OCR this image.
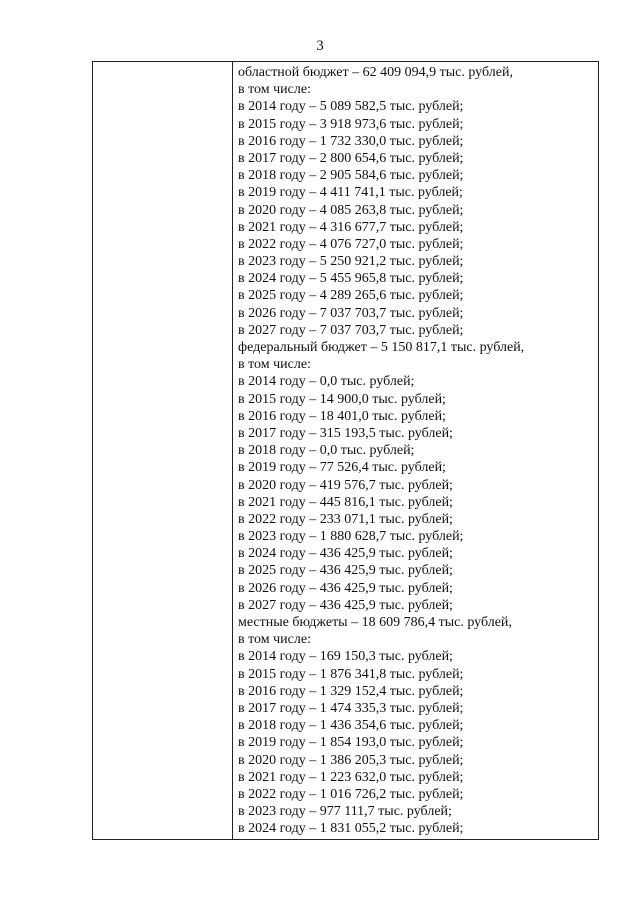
3
областной бюджет – 62 409 094,9 тыс. рублей,
в том числе:
в 2014 году – 5 089 582,5 тыс. рублей;
в 2015 году – 3 918 973,6 тыс. рублей;
в 2016 году – 1 732 330,0 тыс. рублей;
в 2017 году – 2 800 654,6 тыс. рублей;
в 2018 году – 2 905 584,6 тыс. рублей;
в 2019 году – 4 411 741,1 тыс. рублей;
в 2020 году – 4 085 263,8 тыс. рублей;
в 2021 году – 4 316 677,7 тыс. рублей;
в 2022 году – 4 076 727,0 тыс. рублей;
в 2023 году – 5 250 921,2 тыс. рублей;
в 2024 году – 5 455 965,8 тыс. рублей;
в 2025 году – 4 289 265,6 тыс. рублей;
в 2026 году – 7 037 703,7 тыс. рублей;
в 2027 году – 7 037 703,7 тыс. рублей;
федеральный бюджет – 5 150 817,1 тыс. рублей,
в том числе:
в 2014 году – 0,0 тыс. рублей;
в 2015 году – 14 900,0 тыс. рублей;
в 2016 году – 18 401,0 тыс. рублей;
в 2017 году – 315 193,5 тыс. рублей;
в 2018 году – 0,0 тыс. рублей;
в 2019 году – 77 526,4 тыс. рублей;
в 2020 году – 419 576,7 тыс. рублей;
в 2021 году – 445 816,1 тыс. рублей;
в 2022 году – 233 071,1 тыс. рублей;
в 2023 году – 1 880 628,7 тыс. рублей;
в 2024 году – 436 425,9 тыс. рублей;
в 2025 году – 436 425,9 тыс. рублей;
в 2026 году – 436 425,9 тыс. рублей;
в 2027 году – 436 425,9 тыс. рублей;
местные бюджеты – 18 609 786,4 тыс. рублей,
в том числе:
в 2014 году – 169 150,3 тыс. рублей;
в 2015 году – 1 876 341,8 тыс. рублей;
в 2016 году – 1 329 152,4 тыс. рублей;
в 2017 году – 1 474 335,3 тыс. рублей;
в 2018 году – 1 436 354,6 тыс. рублей;
в 2019 году – 1 854 193,0 тыс. рублей;
в 2020 году – 1 386 205,3 тыс. рублей;
в 2021 году – 1 223 632,0 тыс. рублей;
в 2022 году – 1 016 726,2 тыс. рублей;
в 2023 году – 977 111,7 тыс. рублей;
в 2024 году – 1 831 055,2 тыс. рублей;
